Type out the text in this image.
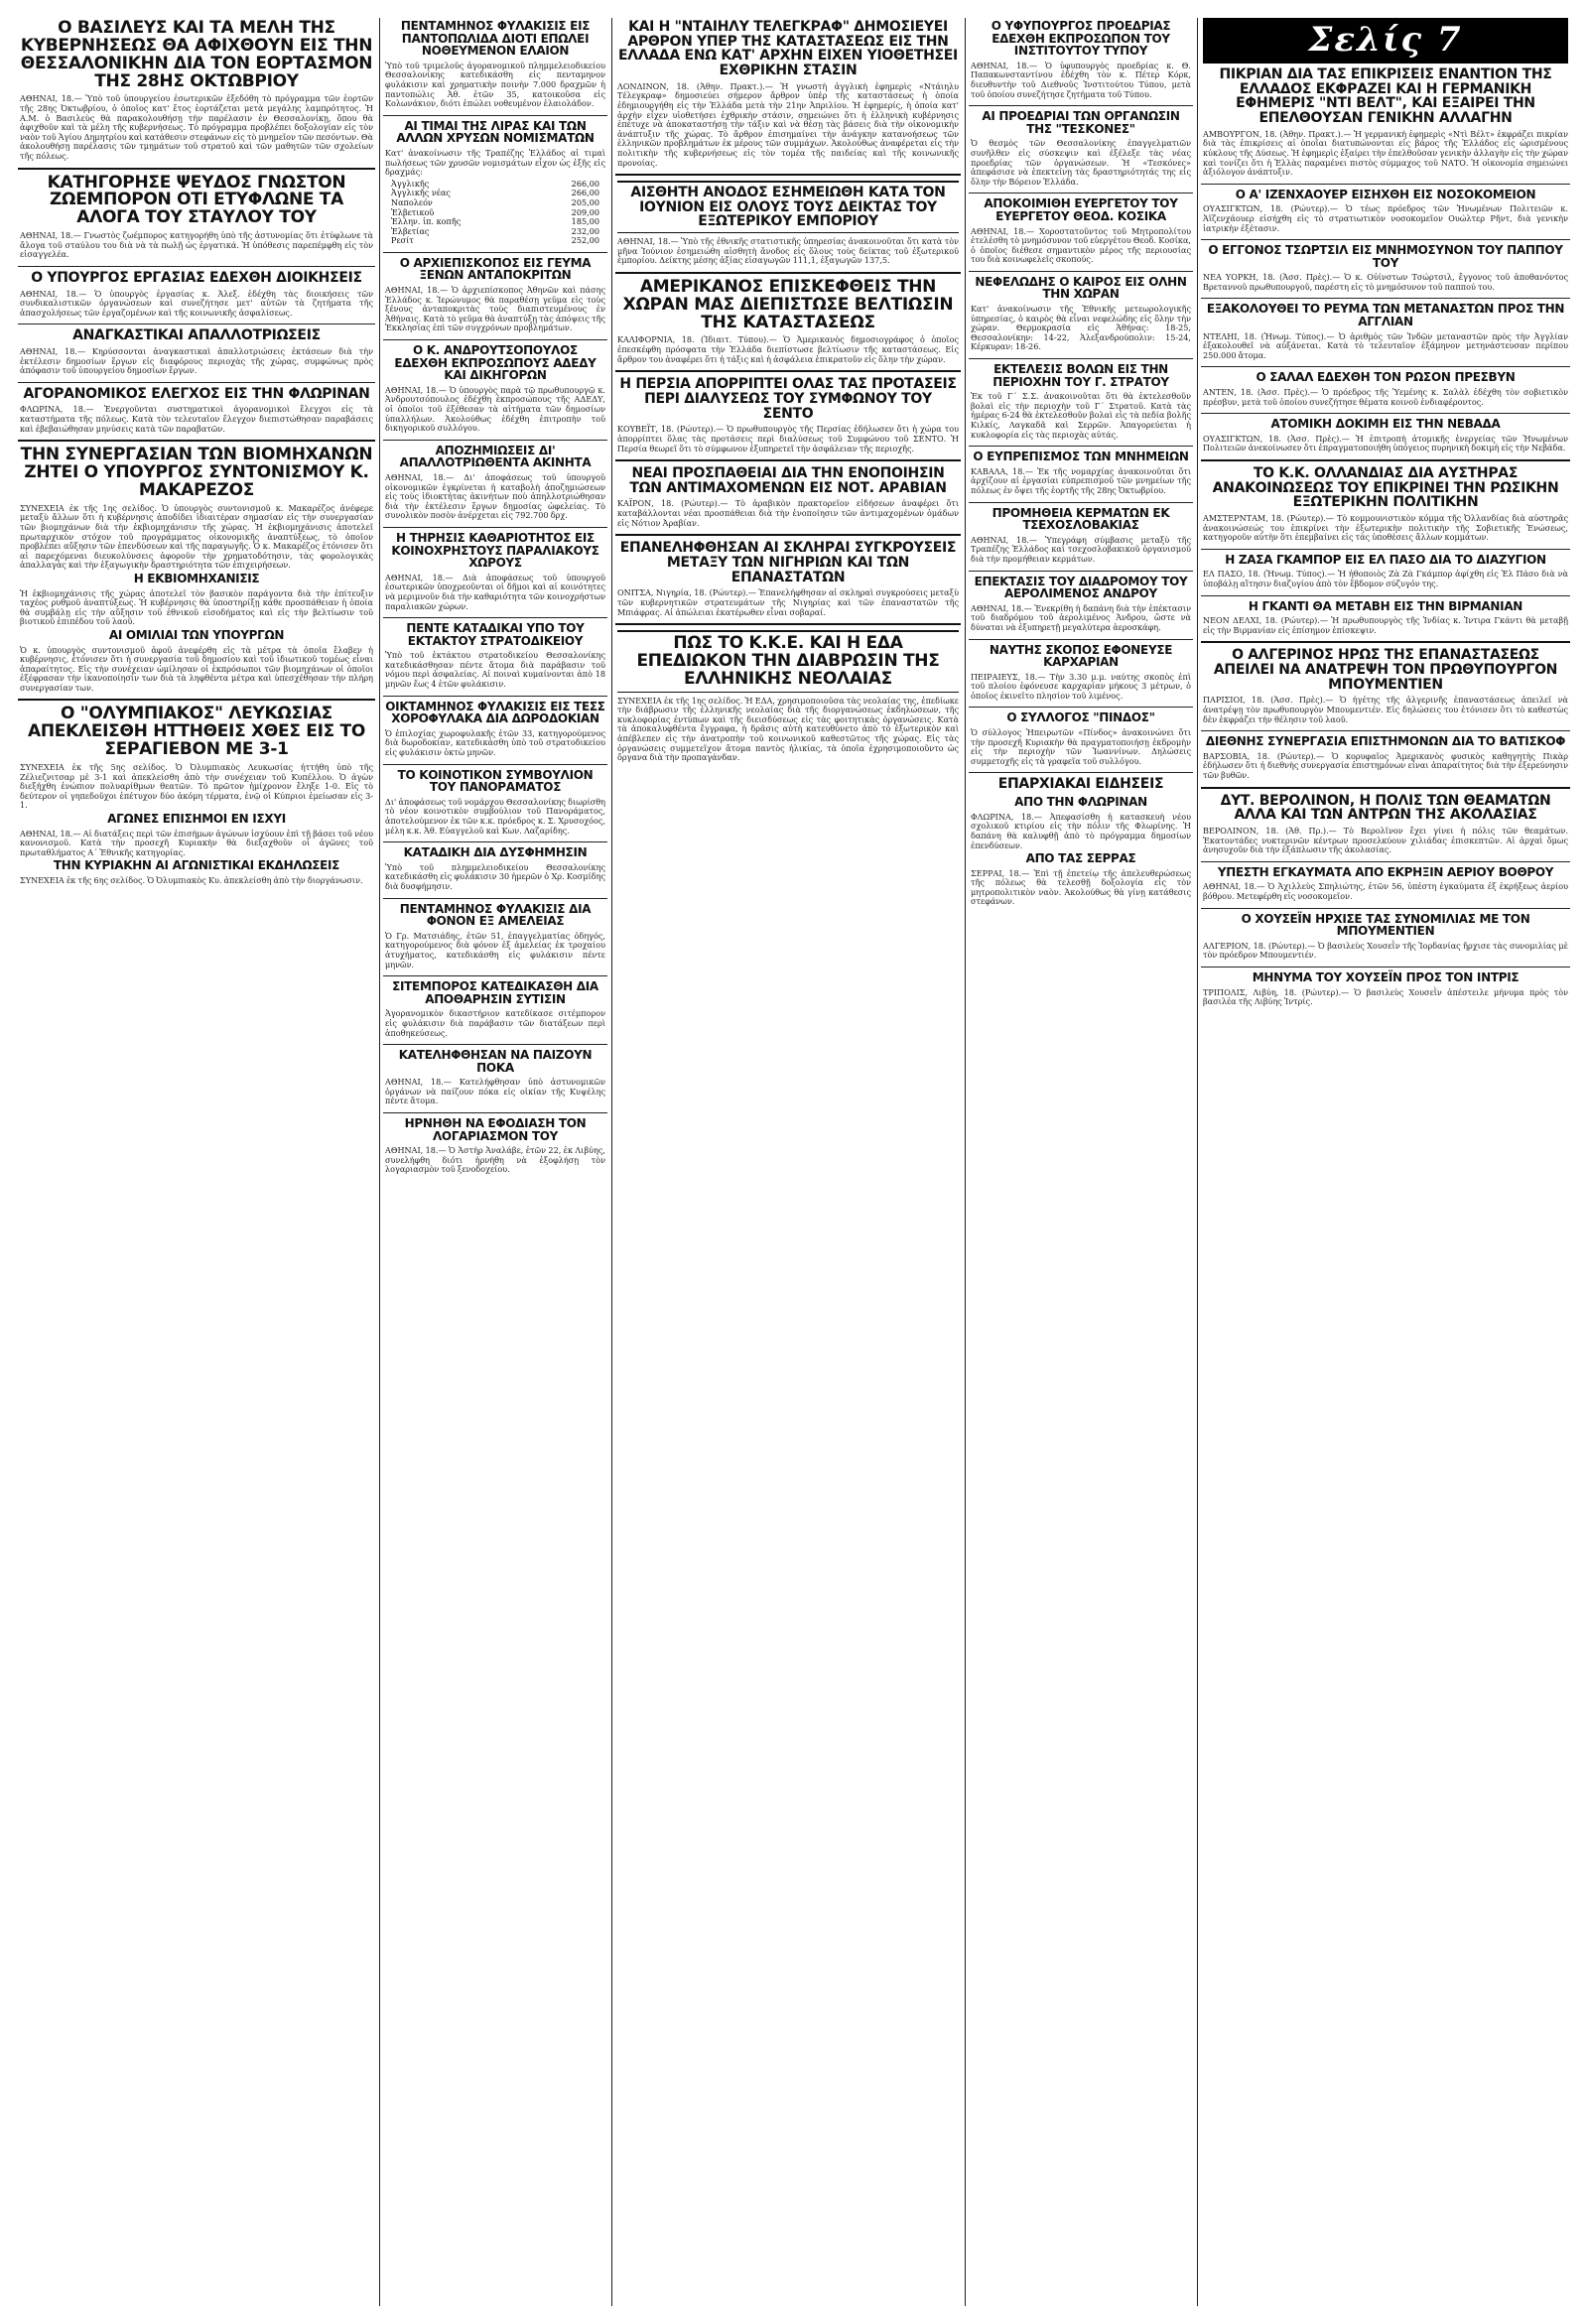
Ο ΒΑΣΙΛΕΥΣ ΚΑΙ ΤΑ ΜΕΛΗ ΤΗΣ ΚΥΒΕΡΝΗΣΕΩΣ ΘΑ ΑΦΙΧΘΟΥΝ ΕΙΣ ΤΗΝ ΘΕΣΣΑΛΟΝΙΚΗΝ ΔΙΑ ΤΟΝ ΕΟΡΤΑΣΜΟΝ ΤΗΣ 28ΗΣ ΟΚΤΩΒΡΙΟΥ
ΑΘΗΝΑΙ, 18.— Ὑπὸ τοῦ ὑπουργείου ἐσωτερικῶν ἐξεδόθη τὸ πρόγραμμα τῶν ἑορτῶν τῆς 28ης Ὀκτωβρίου, ὁ ὁποῖος κατ' ἔτος ἑορτάζεται μετὰ μεγάλης λαμπρότητος. Ἡ Α.Μ. ὁ Βασιλεὺς θὰ παρακολουθήσῃ τὴν παρέλασιν ἐν Θεσσαλονίκῃ, ὅπου θὰ ἀφιχθοῦν καὶ τὰ μέλη τῆς κυβερνήσεως. Τὸ πρόγραμμα προβλέπει δοξολογίαν εἰς τὸν ναὸν τοῦ Ἁγίου Δημητρίου καὶ κατάθεσιν στεφάνων εἰς τὸ μνημεῖον τῶν πεσόντων. Θὰ ἀκολουθήσῃ παρέλασις τῶν τμημάτων τοῦ στρατοῦ καὶ τῶν μαθητῶν τῶν σχολείων τῆς πόλεως.
ΚΑΤΗΓΟΡΗΣΕ ΨΕΥΔΟΣ ΓΝΩΣΤΟΝ ΖΩΕΜΠΟΡΟΝ ΟΤΙ ΕΤΥΦΛΩΝΕ ΤΑ ΑΛΟΓΑ ΤΟΥ ΣΤΑΥΛΟΥ ΤΟΥ
ΑΘΗΝΑΙ, 18.— Γνωστὸς ζωέμπορος κατηγορήθη ὑπὸ τῆς ἀστυνομίας ὅτι ἐτύφλωνε τὰ ἄλογα τοῦ σταύλου του διὰ νὰ τὰ πωλῇ ὡς ἐργατικά. Ἡ ὑπόθεσις παρεπέμφθη εἰς τὸν εἰσαγγελέα.
Ο ΥΠΟΥΡΓΟΣ ΕΡΓΑΣΙΑΣ ΕΔΕΧΘΗ ΔΙΟΙΚΗΣΕΙΣ
ΑΘΗΝΑΙ, 18.— Ὁ ὑπουργὸς ἐργασίας κ. Ἀλεξ. ἐδέχθη τὰς διοικήσεις τῶν συνδικαλιστικῶν ὀργανώσεων καὶ συνεζήτησε μετ' αὐτῶν τὰ ζητήματα τῆς ἀπασχολήσεως τῶν ἐργαζομένων καὶ τῆς κοινωνικῆς ἀσφαλίσεως.
ΑΝΑΓΚΑΣΤΙΚΑΙ ΑΠΑΛΛΟΤΡΙΩΣΕΙΣ
ΑΘΗΝΑΙ, 18.— Κηρύσσονται ἀναγκαστικαὶ ἀπαλλοτριώσεις ἐκτάσεων διὰ τὴν ἐκτέλεσιν δημοσίων ἔργων εἰς διαφόρους περιοχὰς τῆς χώρας, συμφώνως πρὸς ἀπόφασιν τοῦ ὑπουργείου δημοσίων ἔργων.
ΑΓΟΡΑΝΟΜΙΚΟΣ ΕΛΕΓΧΟΣ ΕΙΣ ΤΗΝ ΦΛΩΡΙΝΑΝ
ΦΛΩΡΙΝΑ, 18.— Ἐνεργοῦνται συστηματικοὶ ἀγορανομικοὶ ἔλεγχοι εἰς τὰ καταστήματα τῆς πόλεως. Κατὰ τὸν τελευταῖον ἔλεγχον διεπιστώθησαν παραβάσεις καὶ ἐβεβαιώθησαν μηνύσεις κατὰ τῶν παραβατῶν.
ΤΗΝ ΣΥΝΕΡΓΑΣΙΑΝ ΤΩΝ ΒΙΟΜΗΧΑΝΩΝ ΖΗΤΕΙ Ο ΥΠΟΥΡΓΟΣ ΣΥΝΤΟΝΙΣΜΟΥ Κ. ΜΑΚΑΡΕΖΟΣ
ΣΥΝΕΧΕΙΑ ἐκ τῆς 1ης σελίδος. Ὁ ὑπουργὸς συντονισμοῦ κ. Μακαρέζος ἀνέφερε μεταξὺ ἄλλων ὅτι ἡ κυβέρνησις ἀποδίδει ἰδιαιτέραν σημασίαν εἰς τὴν συνεργασίαν τῶν βιομηχάνων διὰ τὴν ἐκβιομηχάνισιν τῆς χώρας. Ἡ ἐκβιομηχάνισις ἀποτελεῖ πρωταρχικὸν στόχον τοῦ προγράμματος οἰκονομικῆς ἀναπτύξεως, τὸ ὁποῖον προβλέπει αὔξησιν τῶν ἐπενδύσεων καὶ τῆς παραγωγῆς. Ὁ κ. Μακαρέζος ἐτόνισεν ὅτι αἱ παρεχόμεναι διευκολύνσεις ἀφοροῦν τὴν χρηματοδότησιν, τὰς φορολογικὰς ἀπαλλαγὰς καὶ τὴν ἐξαγωγικὴν δραστηριότητα τῶν ἐπιχειρήσεων.
Η ΕΚΒΙΟΜΗΧΑΝΙΣΙΣ
Ἡ ἐκβιομηχάνισις τῆς χώρας ἀποτελεῖ τὸν βασικὸν παράγοντα διὰ τὴν ἐπίτευξιν ταχέος ρυθμοῦ ἀναπτύξεως. Ἡ κυβέρνησις θὰ ὑποστηρίξῃ κάθε προσπάθειαν ἡ ὁποία θὰ συμβάλῃ εἰς τὴν αὔξησιν τοῦ ἐθνικοῦ εἰσοδήματος καὶ εἰς τὴν βελτίωσιν τοῦ βιοτικοῦ ἐπιπέδου τοῦ λαοῦ.
ΑΙ ΟΜΙΛΙΑΙ ΤΩΝ ΥΠΟΥΡΓΩΝ
Ὁ κ. ὑπουργὸς συντονισμοῦ ἀφοῦ ἀνεφέρθη εἰς τὰ μέτρα τὰ ὁποῖα ἔλαβεν ἡ κυβέρνησις, ἐτόνισεν ὅτι ἡ συνεργασία τοῦ δημοσίου καὶ τοῦ ἰδιωτικοῦ τομέως εἶναι ἀπαραίτητος. Εἰς τὴν συνέχειαν ὡμίλησαν οἱ ἐκπρόσωποι τῶν βιομηχάνων οἱ ὁποῖοι ἐξέφρασαν τὴν ἱκανοποίησίν των διὰ τὰ ληφθέντα μέτρα καὶ ὑπεσχέθησαν τὴν πλήρη συνεργασίαν των.
Ο "ΟΛΥΜΠΙΑΚΟΣ" ΛΕΥΚΩΣΙΑΣ ΑΠΕΚΛΕΙΣΘΗ ΗΤΤΗΘΕΙΣ ΧΘΕΣ ΕΙΣ ΤΟ ΣΕΡΑΓΙΕΒΟΝ ΜΕ 3-1
ΣΥΝΕΧΕΙΑ ἐκ τῆς 5ης σελίδος. Ὁ Ὀλυμπιακὸς Λευκωσίας ἡττήθη ὑπὸ τῆς Ζέλιεζνιτσαρ μὲ 3-1 καὶ ἀπεκλείσθη ἀπὸ τὴν συνέχειαν τοῦ Κυπέλλου. Ὁ ἀγὼν διεξήχθη ἐνώπιον πολυαρίθμων θεατῶν. Τὸ πρῶτον ἡμίχρονον ἔληξε 1-0. Εἰς τὸ δεύτερον οἱ γηπεδοῦχοι ἐπέτυχον δύο ἀκόμη τέρματα, ἐνῷ οἱ Κύπριοι ἐμείωσαν εἰς 3-1.
ΑΓΩΝΕΣ ΕΠΙΣΗΜΟΙ ΕΝ ΙΣΧΥΙ
ΑΘΗΝΑΙ, 18.— Αἱ διατάξεις περὶ τῶν ἐπισήμων ἀγώνων ἰσχύουν ἐπὶ τῇ βάσει τοῦ νέου κανονισμοῦ. Κατὰ τὴν προσεχῆ Κυριακὴν θὰ διεξαχθοῦν οἱ ἀγῶνες τοῦ πρωταθλήματος Α΄ Ἐθνικῆς κατηγορίας.
ΤΗΝ ΚΥΡΙΑΚΗΝ ΑΙ ΑΓΩΝΙΣΤΙΚΑΙ ΕΚΔΗΛΩΣΕΙΣ
ΣΥΝΕΧΕΙΑ ἐκ τῆς 6ης σελίδος. Ὁ Ὀλυμπιακὸς Κυ. ἀπεκλείσθη ἀπὸ τὴν διοργάνωσιν.
ΠΕΝΤΑΜΗΝΟΣ ΦΥΛΑΚΙΣΙΣ ΕΙΣ ΠΑΝΤΟΠΩΛΙΔΑ ΔΙΟΤΙ ΕΠΩΛΕΙ ΝΟΘΕΥΜΕΝΟΝ ΕΛΑΙΟΝ
Ὑπὸ τοῦ τριμελοῦς ἀγορανομικοῦ πλημμελειοδικείου Θεσσαλονίκης κατεδικάσθη εἰς πενταμηνον φυλάκισιν καὶ χρηματικὴν ποινὴν 7.000 δραχμῶν ἡ παντοπώλις Ἀθ. ἐτῶν 35, κατοικοῦσα εἰς Κολωνάκιον, διότι ἐπώλει νοθευμένον ἐλαιολάδον.
ΑΙ ΤΙΜΑΙ ΤΗΣ ΛΙΡΑΣ ΚΑΙ ΤΩΝ ΑΛΛΩΝ ΧΡΥΣΩΝ ΝΟΜΙΣΜΑΤΩΝ
Κατ' ἀνακοίνωσιν τῆς Τραπέζης Ἑλλάδος αἱ τιμαὶ πωλήσεως τῶν χρυσῶν νομισμάτων εἶχον ὡς ἑξῆς εἰς δραχμάς:
Ἀγγλικῆς	266,00
Ἀγγλικῆς νέας	266,00
Ναπολεόν	205,00
Ἑλβετικοῦ	209,00
Ἑλλην. ἱπ. κοπῆς	185,00
Ἑλβετίας	232,00
Ρεσίτ	252,00
Ο ΑΡΧΙΕΠΙΣΚΟΠΟΣ ΕΙΣ ΓΕΥΜΑ ΞΕΝΩΝ ΑΝΤΑΠΟΚΡΙΤΩΝ
ΑΘΗΝΑΙ, 18.— Ὁ ἀρχιεπίσκοπος Ἀθηνῶν καὶ πάσης Ἑλλάδος κ. Ἱερώνυμος θὰ παραθέσῃ γεῦμα εἰς τοὺς ξένους ἀνταποκριτὰς τοὺς διαπιστευμένους ἐν Ἀθήναις. Κατὰ τὸ γεῦμα θὰ ἀναπτύξῃ τὰς ἀπόψεις τῆς Ἐκκλησίας ἐπὶ τῶν συγχρόνων προβλημάτων.
Ο Κ. ΑΝΔΡΟΥΤΣΟΠΟΥΛΟΣ ΕΔΕΧΘΗ ΕΚΠΡΟΣΩΠΟΥΣ ΑΔΕΔΥ ΚΑΙ ΔΙΚΗΓΟΡΩΝ
ΑΘΗΝΑΙ, 18.— Ὁ ὑπουργὸς παρὰ τῷ πρωθυπουργῷ κ. Ἀνδρουτσόπουλος ἐδέχθη ἐκπροσώπους τῆς ΑΔΕΔΥ, οἱ ὁποῖοι τοῦ ἐξέθεσαν τὰ αἰτήματα τῶν δημοσίων ὑπαλλήλων. Ἀκολούθως ἐδέχθη ἐπιτροπὴν τοῦ δικηγορικοῦ συλλόγου.
ΑΠΟΖΗΜΙΩΣΕΙΣ ΔΙ' ΑΠΑΛΛΟΤΡΙΩΘΕΝΤΑ ΑΚΙΝΗΤΑ
ΑΘΗΝΑΙ, 18.— Δι' ἀποφάσεως τοῦ ὑπουργοῦ οἰκονομικῶν ἐγκρίνεται ἡ καταβολὴ ἀποζημιώσεων εἰς τοὺς ἰδιοκτήτας ἀκινήτων ποὺ ἀπηλλοτριώθησαν διὰ τὴν ἐκτέλεσιν ἔργων δημοσίας ὠφελείας. Τὸ συνολικὸν ποσὸν ἀνέρχεται εἰς 792.700 δρχ.
Η ΤΗΡΗΣΙΣ ΚΑΘΑΡΙΟΤΗΤΟΣ ΕΙΣ ΚΟΙΝΟΧΡΗΣΤΟΥΣ ΠΑΡΑΛΙΑΚΟΥΣ ΧΩΡΟΥΣ
ΑΘΗΝΑΙ, 18.— Διὰ ἀποφάσεως τοῦ ὑπουργοῦ ἐσωτερικῶν ὑποχρεοῦνται οἱ δῆμοι καὶ αἱ κοινότητες νὰ μεριμνοῦν διὰ τὴν καθαριότητα τῶν κοινοχρήστων παραλιακῶν χώρων.
ΠΕΝΤΕ ΚΑΤΑΔΙΚΑΙ ΥΠΟ ΤΟΥ ΕΚΤΑΚΤΟΥ ΣΤΡΑΤΟΔΙΚΕΙΟΥ
Ὑπὸ τοῦ ἐκτάκτου στρατοδικείου Θεσσαλονίκης κατεδικάσθησαν πέντε ἄτομα διὰ παράβασιν τοῦ νόμου περὶ ἀσφαλείας. Αἱ ποιναὶ κυμαίνονται ἀπὸ 18 μηνῶν ἕως 4 ἐτῶν φυλάκισιν.
ΟΙΚΤΑΜΗΝΟΣ ΦΥΛΑΚΙΣΙΣ ΕΙΣ ΤΕΣΣ ΧΟΡΟΦΥΛΑΚΑ ΔΙΑ ΔΩΡΟΔΟΚΙΑΝ
Ὁ ἐπιλοχίας χωροφυλακῆς ἐτῶν 33, κατηγορούμενος διὰ δωροδοκίαν, κατεδικάσθη ὑπὸ τοῦ στρατοδικείου εἰς φυλάκισιν ὀκτὼ μηνῶν.
ΤΟ ΚΟΙΝΟΤΙΚΟΝ ΣΥΜΒΟΥΛΙΟΝ ΤΟΥ ΠΑΝΟΡΑΜΑΤΟΣ
Δι' ἀποφάσεως τοῦ νομάρχου Θεσσαλονίκης διωρίσθη τὸ νέον κοινοτικὸν συμβούλιον τοῦ Πανοράματος, ἀποτελούμενον ἐκ τῶν κ.κ. πρόεδρος κ. Σ. Χρυσοχόος, μέλη κ.κ. Ἀθ. Εὐαγγελοῦ καὶ Κων. Λαζαρίδης.
ΚΑΤΑΔΙΚΗ ΔΙΑ ΔΥΣΦΗΜΗΣΙΝ
Ὑπὸ τοῦ πλημμελειοδικείου Θεσσαλονίκης κατεδικάσθη εἰς φυλάκισιν 30 ἡμερῶν ὁ Χρ. Κοσμίδης διὰ δυσφήμησιν.
ΠΕΝΤΑΜΗΝΟΣ ΦΥΛΑΚΙΣΙΣ ΔΙΑ ΦΟΝΟΝ ΕΞ ΑΜΕΛΕΙΑΣ
Ὁ Γρ. Ματσιάδης, ἐτῶν 51, ἐπαγγελματίας ὁδηγός, κατηγορούμενος διὰ φόνον ἐξ ἀμελείας ἐκ τροχαίου ἀτυχήματος, κατεδικάσθη εἰς φυλάκισιν πέντε μηνῶν.
ΣΙΤΕΜΠΟΡΟΣ ΚΑΤΕΔΙΚΑΣΘΗ ΔΙΑ ΑΠΟΘΑΡΗΣΙΝ ΣΥΤΙΣΙΝ
Ἀγορανομικὸν δικαστήριον κατεδίκασε σιτέμπορον εἰς φυλάκισιν διὰ παράβασιν τῶν διατάξεων περὶ ἀποθηκεύσεως.
ΚΑΤΕΛΗΦΘΗΣΑΝ ΝΑ ΠΑΙΖΟΥΝ ΠΟΚΑ
ΑΘΗΝΑΙ, 18.— Κατελήφθησαν ὑπὸ ἀστυνομικῶν ὀργάνων νὰ παίζουν πόκα εἰς οἰκίαν τῆς Κυψέλης πέντε ἄτομα.
ΗΡΝΗΘΗ ΝΑ ΕΦΟΔΙΑΣΗ ΤΟΝ ΛΟΓΑΡΙΑΣΜΟΝ ΤΟΥ
ΑΘΗΝΑΙ, 18.— Ὁ Ἀστὴρ Ἀναλάβε, ἐτῶν 22, ἐκ Λιβύης, συνελήφθη διότι ἠρνήθη νὰ ἐξοφλήσῃ τὸν λογαριασμὸν τοῦ ξενοδοχείου.
ΚΑΙ Η "ΝΤΑΙΗΛΥ ΤΕΛΕΓΚΡΑΦ" ΔΗΜΟΣΙΕΥΕΙ ΑΡΘΡΟΝ ΥΠΕΡ ΤΗΣ ΚΑΤΑΣΤΑΣΕΩΣ ΕΙΣ ΤΗΝ ΕΛΛΑΔΑ ΕΝΩ ΚΑΤ' ΑΡΧΗΝ ΕΙΧΕΝ ΥΙΟΘΕΤΗΣΕΙ ΕΧΘΡΙΚΗΝ ΣΤΑΣΙΝ
ΛΟΝΔΙΝΟΝ, 18. (Ἀθην. Πρακτ.).— Ἡ γνωστὴ ἀγγλικὴ ἐφημερὶς «Ντάιηλυ Τέλεγκραφ» δημοσιεύει σήμερον ἄρθρον ὑπὲρ τῆς καταστάσεως ἡ ὁποία ἐδημιουργήθη εἰς τὴν Ἑλλάδα μετὰ τὴν 21ην Ἀπριλίου. Ἡ ἐφημερίς, ἡ ὁποία κατ' ἀρχὴν εἶχεν υἱοθετήσει ἐχθρικὴν στάσιν, σημειώνει ὅτι ἡ ἑλληνικὴ κυβέρνησις ἐπέτυχε νὰ ἀποκαταστήσῃ τὴν τάξιν καὶ νὰ θέσῃ τὰς βάσεις διὰ τὴν οἰκονομικὴν ἀνάπτυξιν τῆς χώρας. Τὸ ἄρθρον ἐπισημαίνει τὴν ἀνάγκην κατανοήσεως τῶν ἑλληνικῶν προβλημάτων ἐκ μέρους τῶν συμμάχων. Ἀκολούθως ἀναφέρεται εἰς τὴν πολιτικὴν τῆς κυβερνήσεως εἰς τὸν τομέα τῆς παιδείας καὶ τῆς κοινωνικῆς προνοίας.
ΑΙΣΘΗΤΗ ΑΝΟΔΟΣ ΕΣΗΜΕΙΩΘΗ ΚΑΤΑ ΤΟΝ ΙΟΥΝΙΟΝ ΕΙΣ ΟΛΟΥΣ ΤΟΥΣ ΔΕΙΚΤΑΣ ΤΟΥ ΕΞΩΤΕΡΙΚΟΥ ΕΜΠΟΡΙΟΥ
ΑΘΗΝΑΙ, 18.— Ὑπὸ τῆς ἐθνικῆς στατιστικῆς ὑπηρεσίας ἀνακοινοῦται ὅτι κατὰ τὸν μῆνα Ἰούνιον ἐσημειώθη αἰσθητὴ ἄνοδος εἰς ὅλους τοὺς δείκτας τοῦ ἐξωτερικοῦ ἐμπορίου. Δείκτης μέσης ἀξίας εἰσαγωγῶν 111,1, ἐξαγωγῶν 137,5.
ΑΜΕΡΙΚΑΝΟΣ ΕΠΙΣΚΕΦΘΕΙΣ ΤΗΝ ΧΩΡΑΝ ΜΑΣ ΔΙΕΠΙΣΤΩΣΕ ΒΕΛΤΙΩΣΙΝ ΤΗΣ ΚΑΤΑΣΤΑΣΕΩΣ
ΚΑΛΙΦΟΡΝΙΑ, 18. (Ἰδιαιτ. Τύπου).— Ὁ Ἀμερικανὸς δημοσιογράφος ὁ ὁποῖος ἐπεσκέφθη πρόσφατα τὴν Ἑλλάδα διεπίστωσε βελτίωσιν τῆς καταστάσεως. Εἰς ἄρθρον του ἀναφέρει ὅτι ἡ τάξις καὶ ἡ ἀσφάλεια ἐπικρατοῦν εἰς ὅλην τὴν χώραν.
Η ΠΕΡΣΙΑ ΑΠΟΡΡΙΠΤΕΙ ΟΛΑΣ ΤΑΣ ΠΡΟΤΑΣΕΙΣ ΠΕΡΙ ΔΙΑΛΥΣΕΩΣ ΤΟΥ ΣΥΜΦΩΝΟΥ ΤΟΥ ΣΕΝΤΟ
ΚΟΥΒΕΪΤ, 18. (Ρώυτερ).— Ὁ πρωθυπουργὸς τῆς Περσίας ἐδήλωσεν ὅτι ἡ χώρα του ἀπορρίπτει ὅλας τὰς προτάσεις περὶ διαλύσεως τοῦ Συμφώνου τοῦ ΣΕΝΤΟ. Ἡ Περσία θεωρεῖ ὅτι τὸ σύμφωνον ἐξυπηρετεῖ τὴν ἀσφάλειαν τῆς περιοχῆς.
ΝΕΑΙ ΠΡΟΣΠΑΘΕΙΑΙ ΔΙΑ ΤΗΝ ΕΝΟΠΟΙΗΣΙΝ ΤΩΝ ΑΝΤΙΜΑΧΟΜΕΝΩΝ ΕΙΣ ΝΟΤ. ΑΡΑΒΙΑΝ
ΚΑΪΡΟΝ, 18. (Ρώυτερ).— Τὸ ἀραβικὸν πρακτορεῖον εἰδήσεων ἀναφέρει ὅτι καταβάλλονται νέαι προσπάθειαι διὰ τὴν ἑνοποίησιν τῶν ἀντιμαχομένων ὁμάδων εἰς Νότιον Ἀραβίαν.
ΕΠΑΝΕΛΗΦΘΗΣΑΝ ΑΙ ΣΚΛΗΡΑΙ ΣΥΓΚΡΟΥΣΕΙΣ ΜΕΤΑΞΥ ΤΩΝ ΝΙΓΗΡΙΩΝ ΚΑΙ ΤΩΝ ΕΠΑΝΑΣΤΑΤΩΝ
ΟΝΙΤΣΑ, Νιγηρία, 18. (Ρώυτερ).— Ἐπανελήφθησαν αἱ σκληραὶ συγκρούσεις μεταξὺ τῶν κυβερνητικῶν στρατευμάτων τῆς Νιγηρίας καὶ τῶν ἐπαναστατῶν τῆς Μπιάφρας. Αἱ ἀπώλειαι ἑκατέρωθεν εἶναι σοβαραί.
ΠΩΣ ΤΟ Κ.Κ.Ε. ΚΑΙ Η ΕΔΑ ΕΠΕΔΙΩΚΟΝ ΤΗΝ ΔΙΑΒΡΩΣΙΝ ΤΗΣ ΕΛΛΗΝΙΚΗΣ ΝΕΟΛΑΙΑΣ
ΣΥΝΕΧΕΙΑ ἐκ τῆς 1ης σελίδος. Ἡ ΕΔΑ, χρησιμοποιοῦσα τὰς νεολαίας της, ἐπεδίωκε τὴν διάβρωσιν τῆς ἑλληνικῆς νεολαίας διὰ τῆς διοργανώσεως ἐκδηλώσεων, τῆς κυκλοφορίας ἐντύπων καὶ τῆς διεισδύσεως εἰς τὰς φοιτητικὰς ὀργανώσεις. Κατὰ τὰ ἀποκαλυφθέντα ἔγγραφα, ἡ δρᾶσις αὐτὴ κατευθύνετο ἀπὸ τὸ ἐξωτερικὸν καὶ ἀπέβλεπεν εἰς τὴν ἀνατροπὴν τοῦ κοινωνικοῦ καθεστῶτος τῆς χώρας. Εἰς τὰς ὀργανώσεις συμμετεῖχον ἄτομα παντὸς ἡλικίας, τὰ ὁποῖα ἐχρησιμοποιοῦντο ὡς ὄργανα διὰ τὴν προπαγάνδαν.
Ο ΥΦΥΠΟΥΡΓΟΣ ΠΡΟΕΔΡΙΑΣ ΕΔΕΧΘΗ ΕΚΠΡΟΣΩΠΟΝ ΤΟΥ ΙΝΣΤΙΤΟΥΤΟΥ ΤΥΠΟΥ
ΑΘΗΝΑΙ, 18.— Ὁ ὑφυπουργὸς προεδρίας κ. Θ. Παπακωνσταντίνου ἐδέχθη τὸν κ. Πέτερ Κόρκ, διευθυντὴν τοῦ Διεθνοῦς Ἰνστιτούτου Τύπου, μετὰ τοῦ ὁποίου συνεζήτησε ζητήματα τοῦ Τύπου.
ΑΙ ΠΡΟΕΔΡΙΑΙ ΤΩΝ ΟΡΓΑΝΩΣΙΝ ΤΗΣ "ΤΕΣΚΟΝΕΣ"
Ὁ θεσμὸς τῶν Θεσσαλονίκης ἐπαγγελματιῶν συνῆλθεν εἰς σύσκεψιν καὶ ἐξέλεξε τὰς νέας προεδρίας τῶν ὀργανώσεων. Ἡ «Τεσκόνες» ἀπεφάσισε νὰ ἐπεκτείνῃ τὰς δραστηριότητάς της εἰς ὅλην τὴν Βόρειον Ἑλλάδα.
ΑΠΟΚΟΙΜΙΘΗ ΕΥΕΡΓΕΤΟΥ ΤΟΥ ΕΥΕΡΓΕΤΟΥ ΘΕΟΔ. ΚΟΣΙΚΑ
ΑΘΗΝΑΙ, 18.— Χοροστατοῦντος τοῦ Μητροπολίτου ἐτελέσθη τὸ μνημόσυνον τοῦ εὐεργέτου Θεοδ. Κοσίκα, ὁ ὁποῖος διέθεσε σημαντικὸν μέρος τῆς περιουσίας του διὰ κοινωφελεῖς σκοπούς.
ΝΕΦΕΛΩΔΗΣ Ο ΚΑΙΡΟΣ ΕΙΣ ΟΛΗΝ ΤΗΝ ΧΩΡΑΝ
Κατ' ἀνακοίνωσιν τῆς Ἐθνικῆς μετεωρολογικῆς ὑπηρεσίας, ὁ καιρὸς θὰ εἶναι νεφελώδης εἰς ὅλην τὴν χώραν. Θερμοκρασία εἰς Ἀθήνας: 18-25, Θεσσαλονίκην: 14-22, Ἀλεξανδρούπολιν: 15-24, Κέρκυραν: 18-26.
ΕΚΤΕΛΕΣΙΣ ΒΟΛΩΝ ΕΙΣ ΤΗΝ ΠΕΡΙΟΧΗΝ ΤΟΥ Γ. ΣΤΡΑΤΟΥ
Ἐκ τοῦ Γ΄ Σ.Σ. ἀνακοινοῦται ὅτι θὰ ἐκτελεσθοῦν βολαὶ εἰς τὴν περιοχὴν τοῦ Γ΄ Στρατοῦ. Κατὰ τὰς ἡμέρας 6-24 θὰ ἐκτελεσθοῦν βολαὶ εἰς τὰ πεδία βολῆς Κιλκίς, Λαγκαδᾶ καὶ Σερρῶν. Ἀπαγορεύεται ἡ κυκλοφορία εἰς τὰς περιοχὰς αὐτάς.
Ο ΕΥΠΡΕΠΙΣΜΟΣ ΤΩΝ ΜΝΗΜΕΙΩΝ
ΚΑΒΑΛΑ, 18.— Ἐκ τῆς νομαρχίας ἀνακοινοῦται ὅτι ἀρχίζουν αἱ ἐργασίαι εὐπρεπισμοῦ τῶν μνημείων τῆς πόλεως ἐν ὄψει τῆς ἑορτῆς τῆς 28ης Ὀκτωβρίου.
ΠΡΟΜΗΘΕΙΑ ΚΕΡΜΑΤΩΝ ΕΚ ΤΣΕΧΟΣΛΟΒΑΚΙΑΣ
ΑΘΗΝΑΙ, 18.— Ὑπεγράφη σύμβασις μεταξὺ τῆς Τραπέζης Ἑλλάδος καὶ τσεχοσλοβακικοῦ ὀργανισμοῦ διὰ τὴν προμήθειαν κερμάτων.
ΕΠΕΚΤΑΣΙΣ ΤΟΥ ΔΙΑΔΡΟΜΟΥ ΤΟΥ ΑΕΡΟΛΙΜΕΝΟΣ ΑΝΔΡΟΥ
ΑΘΗΝΑΙ, 18.— Ἐνεκρίθη ἡ δαπάνη διὰ τὴν ἐπέκτασιν τοῦ διαδρόμου τοῦ ἀερολιμένος Ἀνδρου, ὥστε νὰ δύναται νὰ ἐξυπηρετῇ μεγαλύτερα ἀεροσκάφη.
ΝΑΥΤΗΣ ΣΚΟΠΟΣ ΕΦΟΝΕΥΣΕ ΚΑΡΧΑΡΙΑΝ
ΠΕΙΡΑΙΕΥΣ, 18.— Τὴν 3.30 μ.μ. ναύτης σκοπὸς ἐπὶ τοῦ πλοίου ἐφόνευσε καρχαρίαν μήκους 3 μέτρων, ὁ ὁποῖος ἐκινεῖτο πλησίον τοῦ λιμένος.
Ο ΣΥΛΛΟΓΟΣ "ΠΙΝΔΟΣ"
Ὁ σύλλογος Ἠπειρωτῶν «Πίνδος» ἀνακοινώνει ὅτι τὴν προσεχῆ Κυριακὴν θὰ πραγματοποιήσῃ ἐκδρομὴν εἰς τὴν περιοχὴν τῶν Ἰωαννίνων. Δηλώσεις συμμετοχῆς εἰς τὰ γραφεῖα τοῦ συλλόγου.
ΕΠΑΡΧΙΑΚΑΙ ΕΙΔΗΣΕΙΣ
ΑΠΟ ΤΗΝ ΦΛΩΡΙΝΑΝ
ΦΛΩΡΙΝΑ, 18.— Ἀπεφασίσθη ἡ κατασκευὴ νέου σχολικοῦ κτιρίου εἰς τὴν πόλιν τῆς Φλωρίνης. Ἡ δαπάνη θὰ καλυφθῇ ἀπὸ τὸ πρόγραμμα δημοσίων ἐπενδύσεων.
ΑΠΟ ΤΑΣ ΣΕΡΡΑΣ
ΣΕΡΡΑΙ, 18.— Ἐπὶ τῇ ἐπετείῳ τῆς ἀπελευθερώσεως τῆς πόλεως θὰ τελεσθῇ δοξολογία εἰς τὸν μητροπολιτικὸν ναὸν. Ἀκολούθως θὰ γίνῃ κατάθεσις στεφάνων.
Σελίς 7
ΠΙΚΡΙΑΝ ΔΙΑ ΤΑΣ ΕΠΙΚΡΙΣΕΙΣ ΕΝΑΝΤΙΟΝ ΤΗΣ ΕΛΛΑΔΟΣ ΕΚΦΡΑΖΕΙ ΚΑΙ Η ΓΕΡΜΑΝΙΚΗ ΕΦΗΜΕΡΙΣ "ΝΤΙ ΒΕΛΤ", ΚΑΙ ΕΞΑΙΡΕΙ ΤΗΝ ΕΠΕΛΘΟΥΣΑΝ ΓΕΝΙΚΗΝ ΑΛΛΑΓΗΝ
ΑΜΒΟΥΡΓΟΝ, 18. (Ἀθην. Πρακτ.).— Ἡ γερμανικὴ ἐφημερὶς «Ντὶ Βέλτ» ἐκφράζει πικρίαν διὰ τὰς ἐπικρίσεις αἱ ὁποῖαι διατυπώνονται εἰς βάρος τῆς Ἑλλάδος εἰς ὡρισμένους κύκλους τῆς Δύσεως. Ἡ ἐφημερὶς ἐξαίρει τὴν ἐπελθοῦσαν γενικὴν ἀλλαγὴν εἰς τὴν χώραν καὶ τονίζει ὅτι ἡ Ἑλλὰς παραμένει πιστὸς σύμμαχος τοῦ ΝΑΤΟ. Ἡ οἰκονομία σημειώνει ἀξιόλογον ἀνάπτυξιν.
Ο Α' ΙΖΕΝΧΑΟΥΕΡ ΕΙΣΗΧΘΗ ΕΙΣ ΝΟΣΟΚΟΜΕΙΟΝ
ΟΥΑΣΙΓΚΤΩΝ, 18. (Ρώυτερ).— Ὁ τέως πρόεδρος τῶν Ἡνωμένων Πολιτειῶν κ. Ἀϊζενχάουερ εἰσήχθη εἰς τὸ στρατιωτικὸν νοσοκομεῖον Ουώλτερ Ρῆντ, διὰ γενικὴν ἰατρικὴν ἐξέτασιν.
Ο ΕΓΓΟΝΟΣ ΤΣΩΡΤΣΙΛ ΕΙΣ ΜΝΗΜΟΣΥΝΟΝ ΤΟΥ ΠΑΠΠΟΥ ΤΟΥ
ΝΕΑ ΥΟΡΚΗ, 18. (Ἀσσ. Πρὲς).— Ὁ κ. Οὐίνστων Τσώρτσιλ, ἔγγονος τοῦ ἀποθανόντος Βρεταννοῦ πρωθυπουργοῦ, παρέστη εἰς τὸ μνημόσυνον τοῦ παππού του.
ΕΞΑΚΟΛΟΥΘΕΙ ΤΟ ΡΕΥΜΑ ΤΩΝ ΜΕΤΑΝΑΣΤΩΝ ΠΡΟΣ ΤΗΝ ΑΓΓΛΙΑΝ
ΝΤΕΛΗΙ, 18. (Ἡνωμ. Τύπος).— Ὁ ἀριθμὸς τῶν Ἰνδῶν μεταναστῶν πρὸς τὴν Ἀγγλίαν ἐξακολουθεῖ νὰ αὐξάνεται. Κατὰ τὸ τελευταῖον ἑξάμηνον μετηνάστευσαν περίπου 250.000 ἄτομα.
Ο ΣΑΛΑΛ ΕΔΕΧΘΗ ΤΟΝ ΡΩΣΟΝ ΠΡΕΣΒΥΝ
ΑΝΤΕΝ, 18. (Ἀσσ. Πρὲς).— Ὁ πρόεδρος τῆς Ὑεμένης κ. Σαλὰλ ἐδέχθη τὸν σοβιετικὸν πρέσβυν, μετὰ τοῦ ὁποίου συνεζήτησε θέματα κοινοῦ ἐνδιαφέροντος.
ΑΤΟΜΙΚΗ ΔΟΚΙΜΗ ΕΙΣ ΤΗΝ ΝΕΒΑΔΑ
ΟΥΑΣΙΓΚΤΩΝ, 18. (Ἀσσ. Πρὲς).— Ἡ ἐπιτροπὴ ἀτομικῆς ἐνεργείας τῶν Ἡνωμένων Πολιτειῶν ἀνεκοίνωσεν ὅτι ἐπραγματοποιήθη ὑπόγειος πυρηνικὴ δοκιμὴ εἰς τὴν Νεβάδα.
ΤΟ Κ.Κ. ΟΛΛΑΝΔΙΑΣ ΔΙΑ ΑΥΣΤΗΡΑΣ ΑΝΑΚΟΙΝΩΣΕΩΣ ΤΟΥ ΕΠΙΚΡΙΝΕΙ ΤΗΝ ΡΩΣΙΚΗΝ ΕΞΩΤΕΡΙΚΗΝ ΠΟΛΙΤΙΚΗΝ
ΑΜΣΤΕΡΝΤΑΜ, 18. (Ρώυτερ).— Τὸ κομμουνιστικὸν κόμμα τῆς Ὀλλανδίας διὰ αὐστηρᾶς ἀνακοινώσεώς του ἐπικρίνει τὴν ἐξωτερικὴν πολιτικὴν τῆς Σοβιετικῆς Ἑνώσεως, κατηγοροῦν αὐτὴν ὅτι ἐπεμβαίνει εἰς τὰς ὑποθέσεις ἄλλων κομμάτων.
Η ΖΑΣΑ ΓΚΑΜΠΟΡ ΕΙΣ ΕΛ ΠΑΣΟ ΔΙΑ ΤΟ ΔΙΑΖΥΓΙΟΝ
ΕΛ ΠΑΣΟ, 18. (Ἡνωμ. Τύπος).— Ἡ ἠθοποιὸς Ζὰ Ζὰ Γκάμπορ ἀφίχθη εἰς Ἐλ Πάσο διὰ νὰ ὑποβάλῃ αἴτησιν διαζυγίου ἀπὸ τὸν ἔβδομον σύζυγόν της.
Η ΓΚΑΝΤΙ ΘΑ ΜΕΤΑΒΗ ΕΙΣ ΤΗΝ ΒΙΡΜΑΝΙΑΝ
ΝΕΟΝ ΔΕΛΧΙ, 18. (Ρώυτερ).— Ἡ πρωθυπουργὸς τῆς Ἰνδίας κ. Ἰντιρα Γκάντι θὰ μεταβῇ εἰς τὴν Βιρμανίαν εἰς ἐπίσημον ἐπίσκεψιν.
Ο ΑΛΓΕΡΙΝΟΣ ΗΡΩΣ ΤΗΣ ΕΠΑΝΑΣΤΑΣΕΩΣ ΑΠΕΙΛΕΙ ΝΑ ΑΝΑΤΡΕΨΗ ΤΟΝ ΠΡΩΘΥΠΟΥΡΓΟΝ ΜΠΟΥΜΕΝΤΙΕΝ
ΠΑΡΙΣΙΟΙ, 18. (Ἀσσ. Πρὲς).— Ὁ ἡγέτης τῆς ἀλγερινῆς ἐπαναστάσεως ἀπειλεῖ νὰ ἀνατρέψῃ τὸν πρωθυπουργὸν Μπουμεντιέν. Εἰς δηλώσεις του ἐτόνισεν ὅτι τὸ καθεστὼς δὲν ἐκφράζει τὴν θέλησιν τοῦ λαοῦ.
ΔΙΕΘΝΗΣ ΣΥΝΕΡΓΑΣΙΑ ΕΠΙΣΤΗΜΟΝΩΝ ΔΙΑ ΤΟ ΒΑΤΙΣΚΟΦ
ΒΑΡΣΟΒΙΑ, 18. (Ρώυτερ).— Ὁ κορυφαῖος Ἀμερικανὸς φυσικὸς καθηγητὴς Πικὰρ ἐδήλωσεν ὅτι ἡ διεθνὴς συνεργασία ἐπιστημόνων εἶναι ἀπαραίτητος διὰ τὴν ἐξερεύνησιν τῶν βυθῶν.
ΔΥΤ. ΒΕΡΟΛΙΝΟΝ, Η ΠΟΛΙΣ ΤΩΝ ΘΕΑΜΑΤΩΝ ΑΛΛΑ ΚΑΙ ΤΩΝ ΑΝΤΡΩΝ ΤΗΣ ΑΚΟΛΑΣΙΑΣ
ΒΕΡΟΛΙΝΟΝ, 18. (Ἀθ. Πρ.).— Τὸ Βερολῖνον ἔχει γίνει ἡ πόλις τῶν θεαμάτων. Ἐκατοντάδες νυκτερινῶν κέντρων προσελκύουν χιλιάδας ἐπισκεπτῶν. Αἱ ἀρχαὶ ὅμως ἀνησυχοῦν διὰ τὴν ἐξάπλωσιν τῆς ἀκολασίας.
ΥΠΕΣΤΗ ΕΓΚΑΥΜΑΤΑ ΑΠΟ ΕΚΡΗΞΙΝ ΑΕΡΙΟΥ ΒΟΘΡΟΥ
ΑΘΗΝΑΙ, 18.— Ὁ Ἀχιλλεὺς Σπηλιώτης, ἐτῶν 56, ὑπέστη ἐγκαύματα ἐξ ἐκρήξεως ἀερίου βόθρου. Μετεφέρθη εἰς νοσοκομεῖον.
Ο ΧΟΥΣΕΪΝ ΗΡΧΙΣΕ ΤΑΣ ΣΥΝΟΜΙΛΙΑΣ ΜΕ ΤΟΝ ΜΠΟΥΜΕΝΤΙΕΝ
ΑΛΓΕΡΙΟΝ, 18. (Ρώυτερ).— Ὁ βασιλεὺς Χουσεῒν τῆς Ἰορδανίας ἤρχισε τὰς συνομιλίας μὲ τὸν πρόεδρον Μπουμεντιέν.
ΜΗΝΥΜΑ ΤΟΥ ΧΟΥΣΕΪΝ ΠΡΟΣ ΤΟΝ ΙΝΤΡΙΣ
ΤΡΙΠΟΛΙΣ, Λιβύη, 18. (Ρώυτερ).— Ὁ βασιλεὺς Χουσεῒν ἀπέστειλε μήνυμα πρὸς τὸν βασιλέα τῆς Λιβύης Ἰντρίς.
